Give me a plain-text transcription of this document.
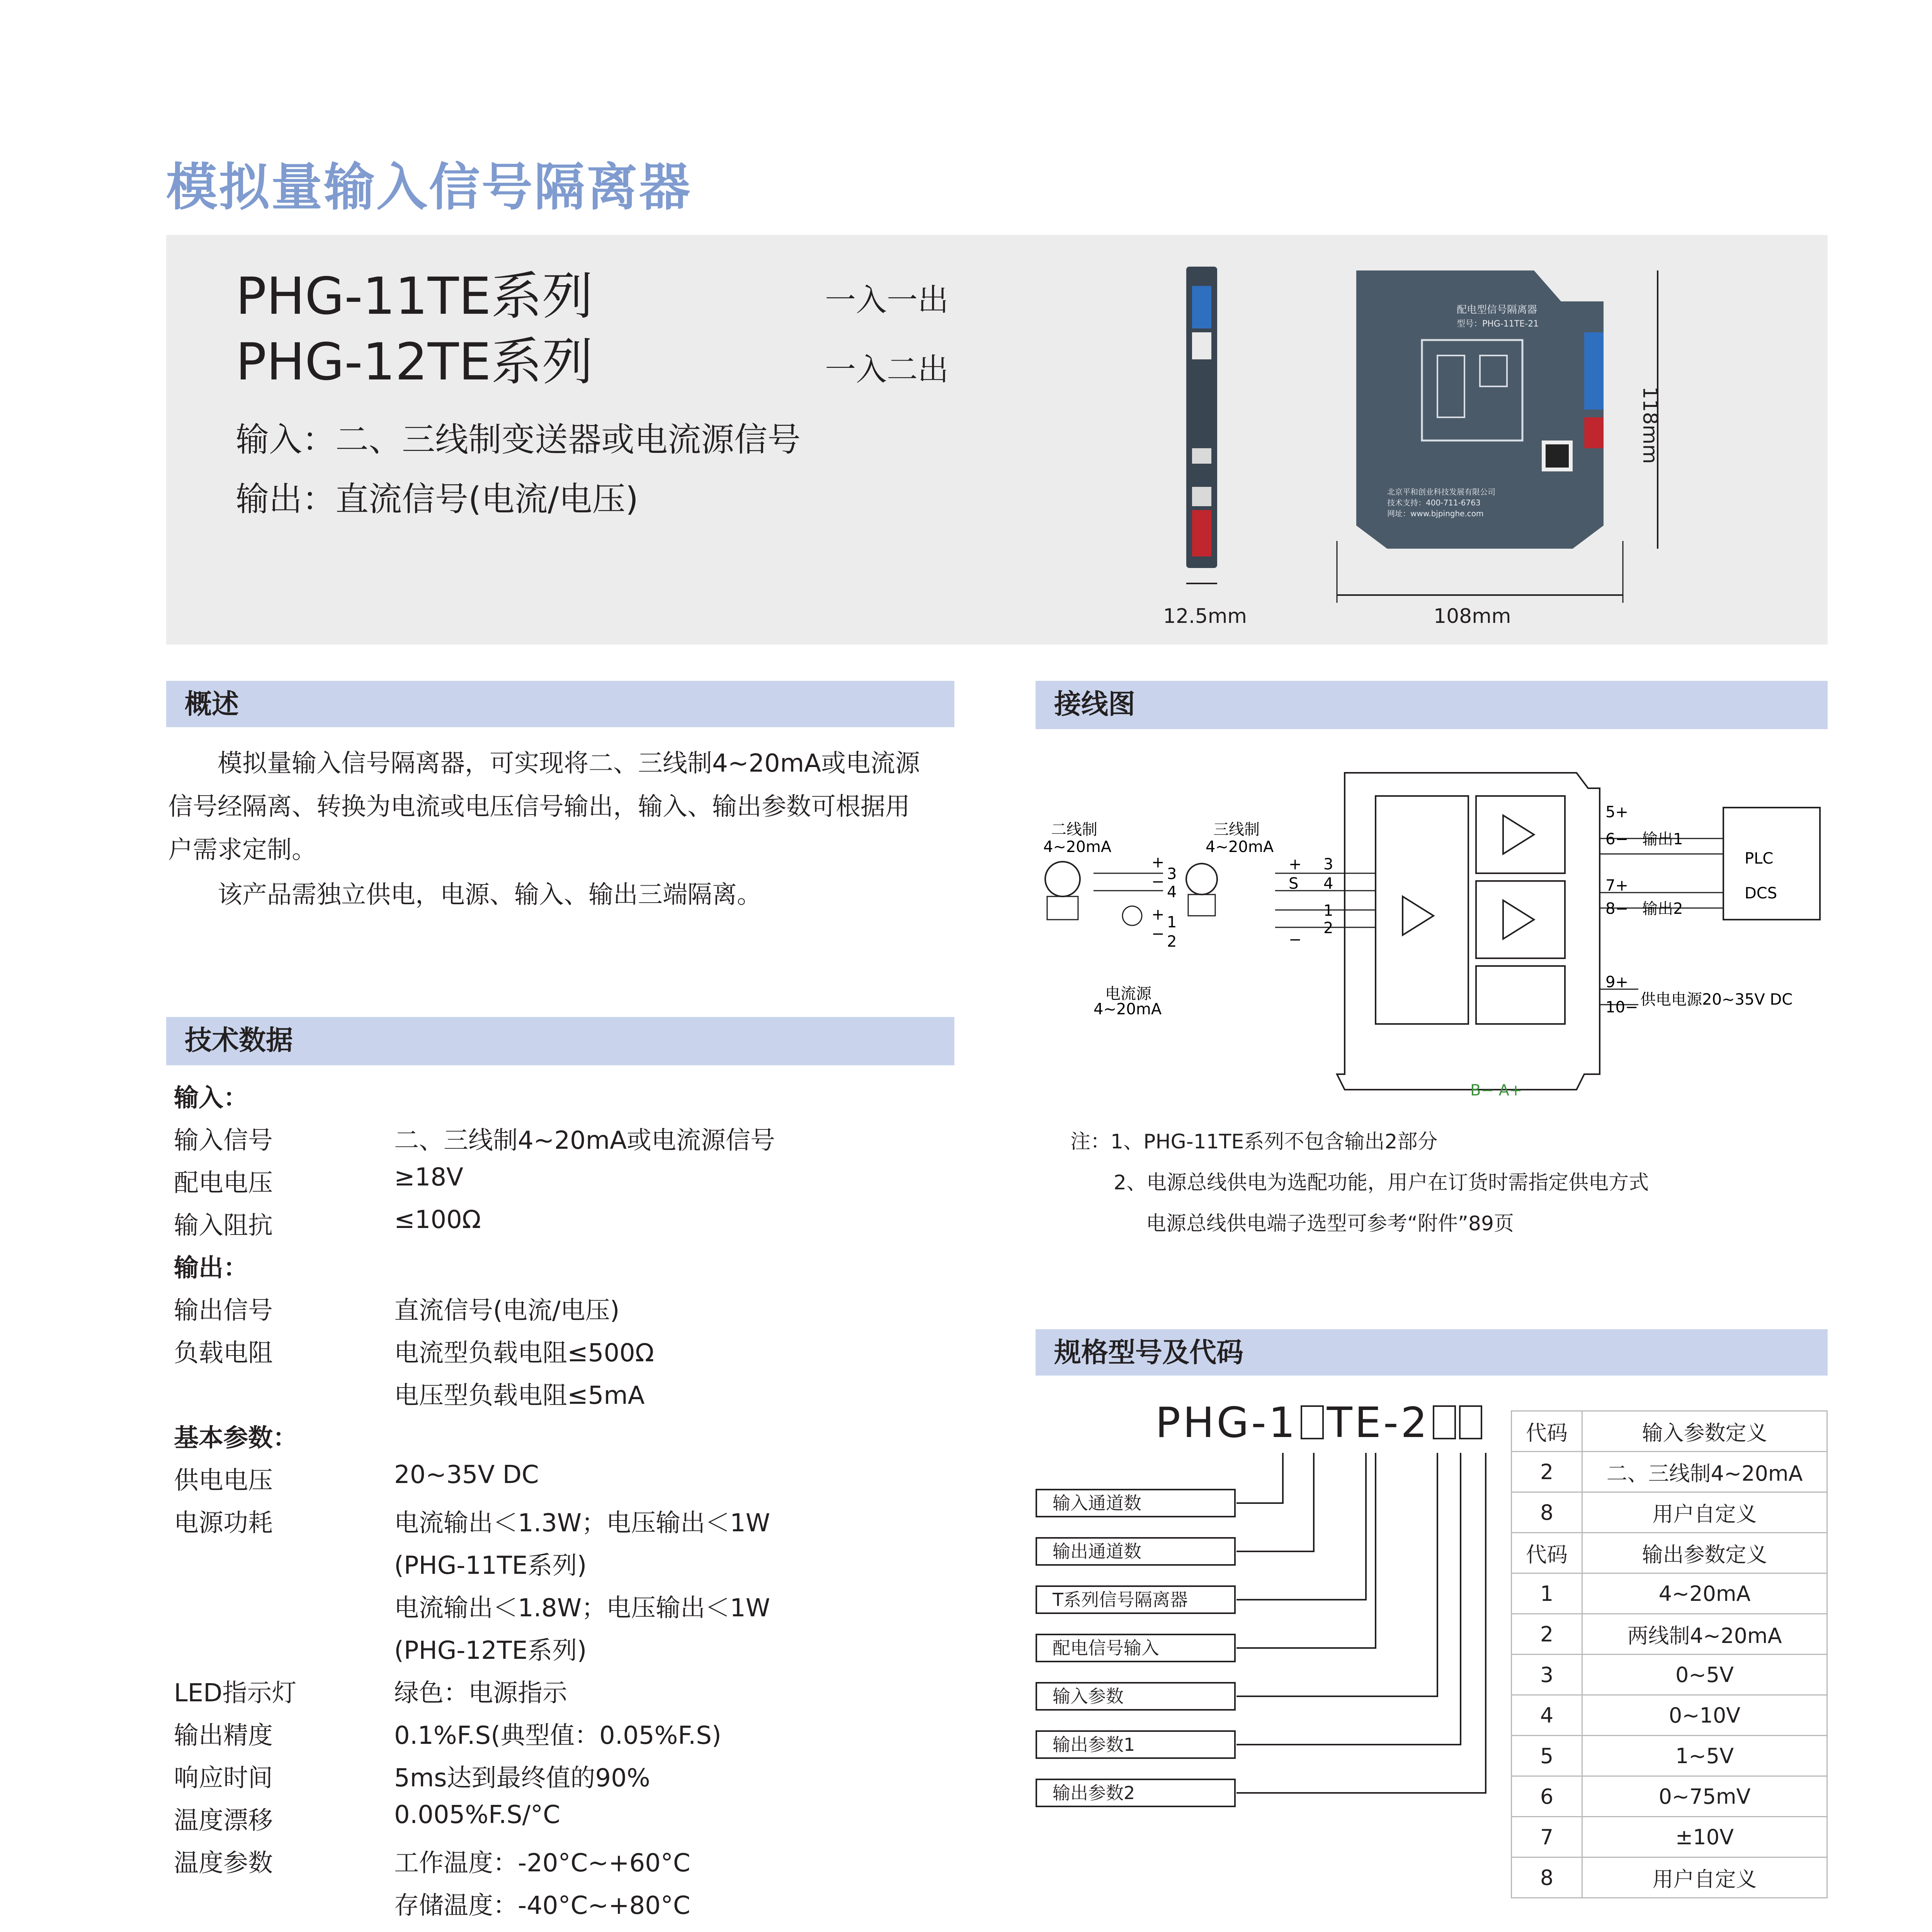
模拟量输入信号隔离器
PHG-11TE系列	一入一出
PHG-12TE系列	一入二出
输入：二、三线制变送器或电流源信号
输出：直流信号(电流/电压)
配电型信号隔离器
型号：PHG-11TE-21
北京平和创业科技发展有限公司
技术支持：400-711-6763
网址：www.bjpinghe.com
12.5mm	108mm
118mm
概述
模拟量输入信号隔离器，可实现将二、三线制4~20mA或电流源
信号经隔离、转换为电流或电压信号输出，输入、输出参数可根据用
户需求定制。
该产品需独立供电，电源、输入、输出三端隔离。
技术数据
输入：
输入信号	二、三线制4~20mA或电流源信号
配电电压	≥18V
输入阻抗	≤100Ω
输出：
输出信号	直流信号(电流/电压)
负载电阻	电流型负载电阻≤500Ω
电压型负载电阻≤5mA
基本参数：
供电电压	20~35V DC
电源功耗	电流输出＜1.3W；电压输出＜1W
(PHG-11TE系列)
电流输出＜1.8W；电压输出＜1W
(PHG-12TE系列)
LED指示灯	绿色：电源指示
输出精度	0.1%F.S(典型值：0.05%F.S)
响应时间	5ms达到最终值的90%
温度漂移	0.005%F.S/°C
温度参数	工作温度：-20°C~+60°C
存储温度：-40°C~+80°C
接线图
二线制
4~20mA
三线制
4~20mA
电流源
4~20mA
3
4
1
2
+
−
+
−
+
S
−
3
4
1
2
5+
6−
7+
8−
9+
10−
输出1
输出2
PLC
DCS
供电电源20~35V DC
B− A+
注：1、PHG-11TE系列不包含输出2部分
2、电源总线供电为选配功能，用户在订货时需指定供电方式
电源总线供电端子选型可参考“附件”89页
规格型号及代码
PHG-1 TE-2
输入通道数
输出通道数
T系列信号隔离器
配电信号输入
输入参数
输出参数1
输出参数2
代码	输入参数定义
2	二、三线制4~20mA
8	用户自定义
代码	输出参数定义
1	4~20mA
2	两线制4~20mA
3	0~5V
4	0~10V
5	1~5V
6	0~75mV
7	±10V
8	用户自定义
